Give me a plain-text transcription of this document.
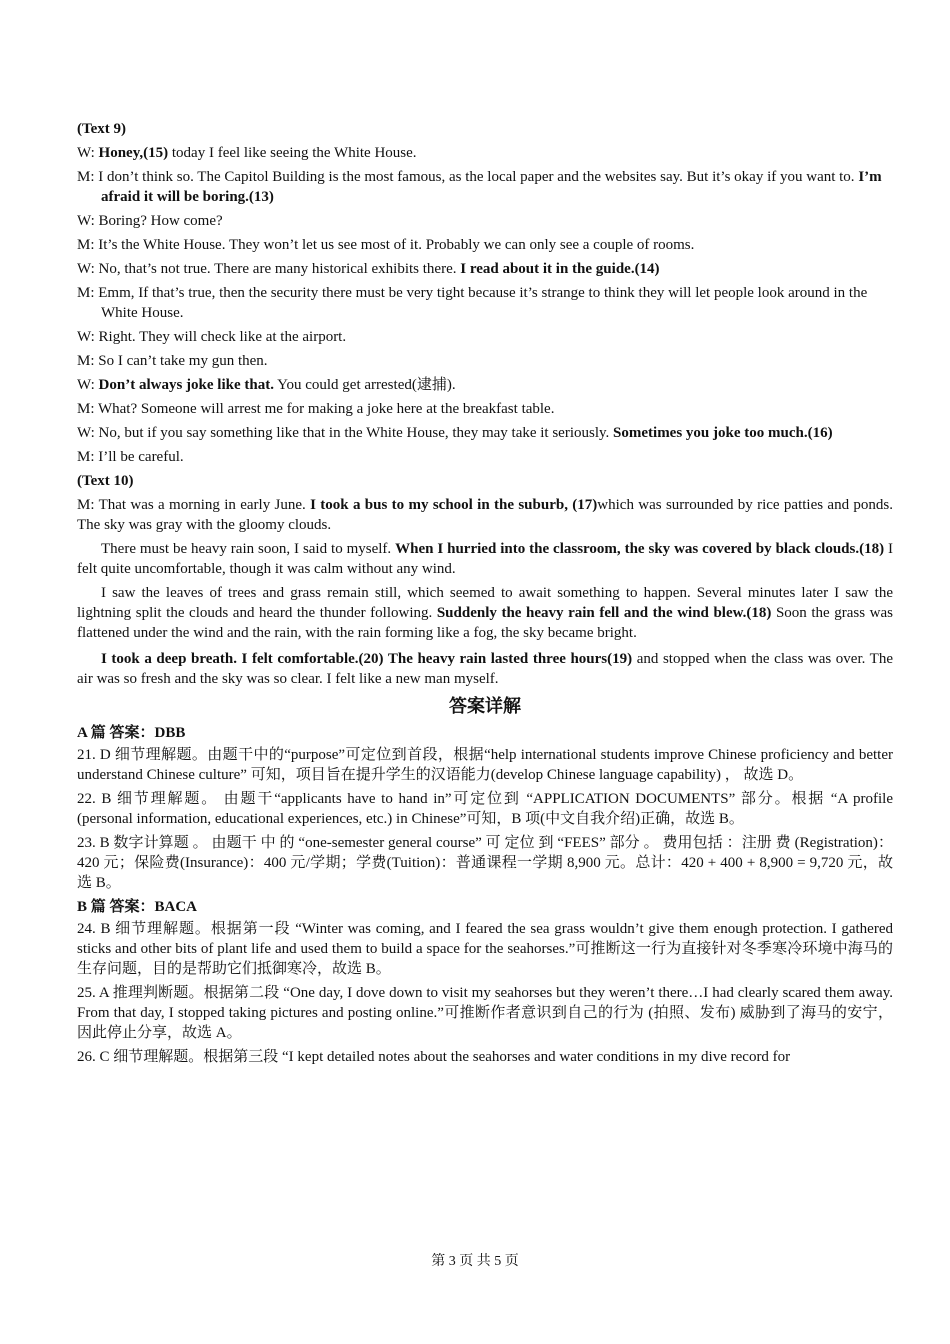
(Text 9)
W: Honey,(15) today I feel like seeing the White House.
M: I don’t think so. The Capitol Building is the most famous, as the local paper and the websites say. But it’s okay if you want to. I’m afraid it will be boring.(13)
W: Boring? How come?
M: It’s the White House. They won’t let us see most of it. Probably we can only see a couple of rooms.
W: No, that’s not true. There are many historical exhibits there. I read about it in the guide.(14)
M: Emm, If that’s true, then the security there must be very tight because it’s strange to think they will let people look around in the White House.
W: Right. They will check like at the airport.
M: So I can’t take my gun then.
W: Don’t always joke like that. You could get arrested(逮捕).
M: What? Someone will arrest me for making a joke here at the breakfast table.
W: No, but if you say something like that in the White House, they may take it seriously. Sometimes you joke too much.(16)
M: I’ll be careful.
(Text 10)
M: That was a morning in early June. I took a bus to my school in the suburb, (17)which was surrounded by rice patties and ponds. The sky was gray with the gloomy clouds.
There must be heavy rain soon, I said to myself. When I hurried into the classroom, the sky was covered by black clouds.(18) I felt quite uncomfortable, though it was calm without any wind.
I saw the leaves of trees and grass remain still, which seemed to await something to happen. Several minutes later I saw the lightning split the clouds and heard the thunder following. Suddenly the heavy rain fell and the wind blew.(18) Soon the grass was flattened under the wind and the rain, with the rain forming like a fog, the sky became bright.
I took a deep breath. I felt comfortable.(20) The heavy rain lasted three hours(19) and stopped when the class was over. The air was so fresh and the sky was so clear. I felt like a new man myself.
答案详解
A 篇 答案：DBB
21. D 细节理解题。由题干中的“purpose”可定位到首段，根据“help international students improve Chinese proficiency and better understand Chinese culture” 可知，项目旨在提升学生的汉语能力(develop Chinese language capability) ， 故选 D。
22. B 细节理解题。 由题干“applicants have to hand in”可定位到 “APPLICATION DOCUMENTS” 部分。根据 “A profile (personal information, educational experiences, etc.) in Chinese”可知，B 项(中文自我介绍)正确，故选 B。
23. B 数字计算题 。 由题干 中 的 “one-semester general course” 可 定位 到 “FEES” 部分 。 费用包括 ：注册 费 (Registration)：420 元；保险费(Insurance)：400 元/学期；学费(Tuition)：普通课程一学期 8,900 元。总计：420 + 400 + 8,900 = 9,720 元，故选 B。
B 篇 答案：BACA
24. B 细节理解题。根据第一段 “Winter was coming, and I feared the sea grass wouldn’t give them enough protection. I gathered sticks and other bits of plant life and used them to build a space for the seahorses.”可推断这一行为直接针对冬季寒冷环境中海马的生存问题，目的是帮助它们抵御寒冷，故选 B。
25. A 推理判断题。根据第二段 “One day, I dove down to visit my seahorses but they weren’t there…I had clearly scared them away. From that day, I stopped taking pictures and posting online.”可推断作者意识到自己的行为 (拍照、发布) 威胁到了海马的安宁，因此停止分享，故选 A。
26. C 细节理解题。根据第三段 “I kept detailed notes about the seahorses and water conditions in my dive record for
第 3 页 共 5 页
